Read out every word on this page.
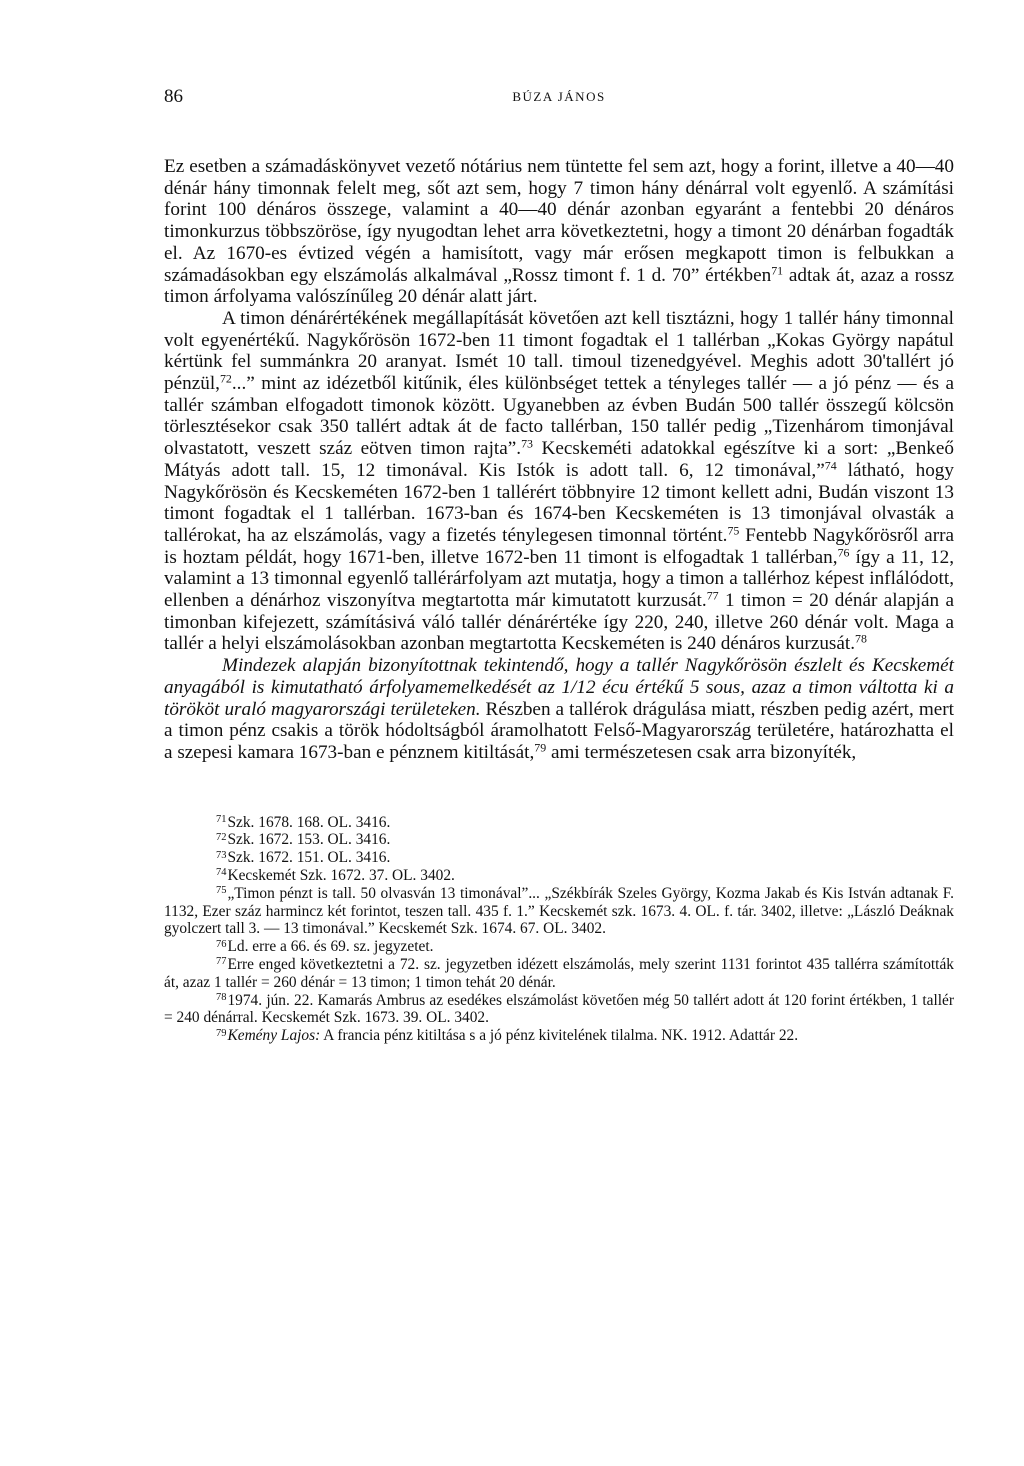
86	BÚZA JÁNOS

Ez esetben a számadáskönyvet vezető nótárius nem tüntette fel sem azt, hogy a forint, illetve a 40—40 dénár hány timonnak felelt meg, sőt azt sem, hogy 7 timon hány dénárral volt egyenlő. A számítási forint 100 dénáros összege, valamint a 40—40 dénár azonban egyaránt a fentebbi 20 dénáros timonkurzus többszöröse, így nyugodtan lehet arra következtetni, hogy a timont 20 dénárban fogadták el. Az 1670-es évtized végén a hamisított, vagy már erősen megkapott timon is felbukkan a számadásokban egy elszámolás alkalmával „Rossz timont f. 1 d. 70” értékben$^{71}$ adtak át, azaz a rossz timon árfolyama valószínűleg 20 dénár alatt járt.

A timon dénárértékének megállapítását követően azt kell tisztázni, hogy 1 tallér hány timonnal volt egyenértékű. Nagykőrösön 1672-ben 11 timont fogadtak el 1 tallérban „Kokas György napátul kértünk fel summánkra 20 aranyat. Ismét 10 tall. timoul tizenedgyével. Meghis adott 30'tallért jó pénzül,$^{72}$...” mint az idézetből kitűnik, éles különbséget tettek a tényleges tallér — a jó pénz — és a tallér számban elfogadott timonok között. Ugyanebben az évben Budán 500 tallér összegű kölcsön törlesztésekor csak 350 tallért adtak át de facto tallérban, 150 tallér pedig „Tizenhárom timonjával olvastatott, veszett száz eötven timon rajta”.$^{73}$ Kecskeméti adatokkal egészítve ki a sort: „Benkeő Mátyás adott tall. 15, 12 timonával. Kis Istók is adott tall. 6, 12 timonával,”$^{74}$ látható, hogy Nagykőrösön és Kecskeméten 1672-ben 1 tallérért többnyire 12 timont kellett adni, Budán viszont 13 timont fogadtak el 1 tallérban. 1673-ban és 1674-ben Kecskeméten is 13 timonjával olvasták a tallérokat, ha az elszámolás, vagy a fizetés ténylegesen timonnal történt.$^{75}$ Fentebb Nagykőrösről arra is hoztam példát, hogy 1671-ben, illetve 1672-ben 11 timont is elfogadtak 1 tallérban,$^{76}$ így a 11, 12, valamint a 13 timonnal egyenlő tallérárfolyam azt mutatja, hogy a timon a tallérhoz képest inflálódott, ellenben a dénárhoz viszonyítva megtartotta már kimutatott kurzusát.$^{77}$ 1 timon = 20 dénár alapján a timonban kifejezett, számításivá váló tallér dénárértéke így 220, 240, illetve 260 dénár volt. Maga a tallér a helyi elszámolásokban azonban megtartotta Kecskeméten is 240 dénáros kurzusát.$^{78}$

Mindezek alapján bizonyítottnak tekintendő, hogy a tallér Nagykőrösön észlelt és Kecskemét anyagából is kimutatható árfolyamemelkedését az 1/12 écu értékű 5 sous, azaz a timon váltotta ki a törököt uraló magyarországi területeken. Részben a tallérok drágulása miatt, részben pedig azért, mert a timon pénz csakis a török hódoltságból áramolhatott Felső-Magyarország területére, határozhatta el a szepesi kamara 1673-ban e pénznem kitiltását,$^{79}$ ami természetesen csak arra bizonyíték,

$^{71}$Szk. 1678. 168. OL. 3416.

$^{72}$Szk. 1672. 153. OL. 3416.

$^{73}$Szk. 1672. 151. OL. 3416.

$^{74}$Kecskemét Szk. 1672. 37. OL. 3402.

$^{75}$„Timon pénzt is tall. 50 olvasván 13 timonával”... „Székbírák Szeles György, Kozma Jakab és Kis István adtanak F. 1132, Ezer száz harmincz két forintot, teszen tall. 435 f. 1.” Kecskemét szk. 1673. 4. OL. f. tár. 3402, illetve: „László Deáknak gyolczert tall 3. — 13 timonával.” Kecskemét Szk. 1674. 67. OL. 3402.

$^{76}$Ld. erre a 66. és 69. sz. jegyzetet.

$^{77}$Erre enged következtetni a 72. sz. jegyzetben idézett elszámolás, mely szerint 1131 forintot 435 tallérra számították át, azaz 1 tallér = 260 dénár = 13 timon; 1 timon tehát 20 dénár.

$^{78}$1974. jún. 22. Kamarás Ambrus az esedékes elszámolást követően még 50 tallért adott át 120 forint értékben, 1 tallér = 240 dénárral. Kecskemét Szk. 1673. 39. OL. 3402.

$^{79}$Kemény Lajos: A francia pénz kitiltása s a jó pénz kivitelének tilalma. NK. 1912. Adattár 22.
